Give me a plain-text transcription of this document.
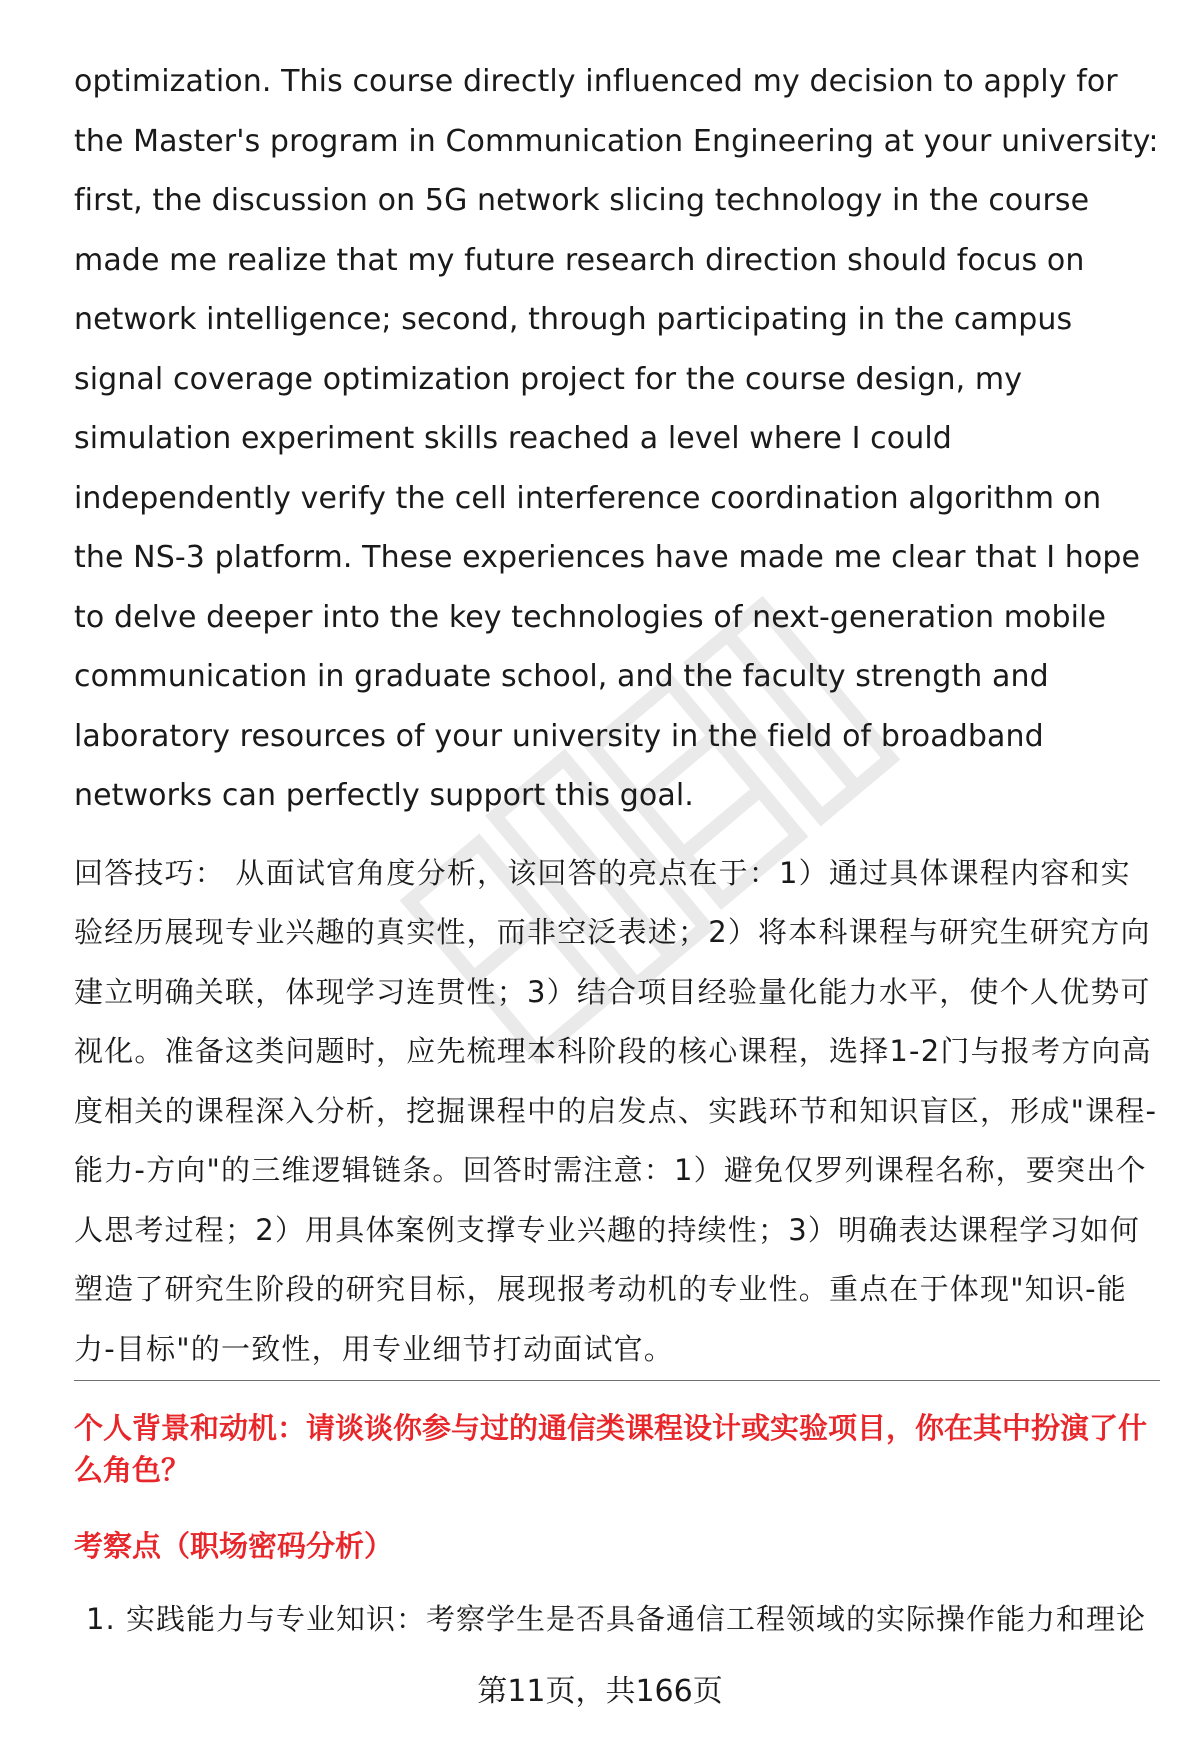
optimization. This course directly influenced my decision to apply for the Master's program in Communication Engineering at your university: first, the discussion on 5G network slicing technology in the course made me realize that my future research direction should focus on network intelligence; second, through participating in the campus signal coverage optimization project for the course design, my simulation experiment skills reached a level where I could independently verify the cell interference coordination algorithm on the NS-3 platform. These experiences have made me clear that I hope to delve deeper into the key technologies of next-generation mobile communication in graduate school, and the faculty strength and laboratory resources of your university in the field of broadband networks can perfectly support this goal.

回答技巧： 从面试官角度分析，该回答的亮点在于：1）通过具体课程内容和实验经历展现专业兴趣的真实性，而非空泛表述；2）将本科课程与研究生研究方向建立明确关联，体现学习连贯性；3）结合项目经验量化能力水平，使个人优势可视化。准备这类问题时，应先梳理本科阶段的核心课程，选择1-2门与报考方向高度相关的课程深入分析，挖掘课程中的启发点、实践环节和知识盲区，形成"课程-能力-方向"的三维逻辑链条。回答时需注意：1）避免仅罗列课程名称，要突出个人思考过程；2）用具体案例支撑专业兴趣的持续性；3）明确表达课程学习如何塑造了研究生阶段的研究目标，展现报考动机的专业性。重点在于体现"知识-能力-目标"的一致性，用专业细节打动面试官。

个人背景和动机：请谈谈你参与过的通信类课程设计或实验项目，你在其中扮演了什么角色？

考察点（职场密码分析）

1. 实践能力与专业知识：考察学生是否具备通信工程领域的实际操作能力和理论
第11页，共166页
